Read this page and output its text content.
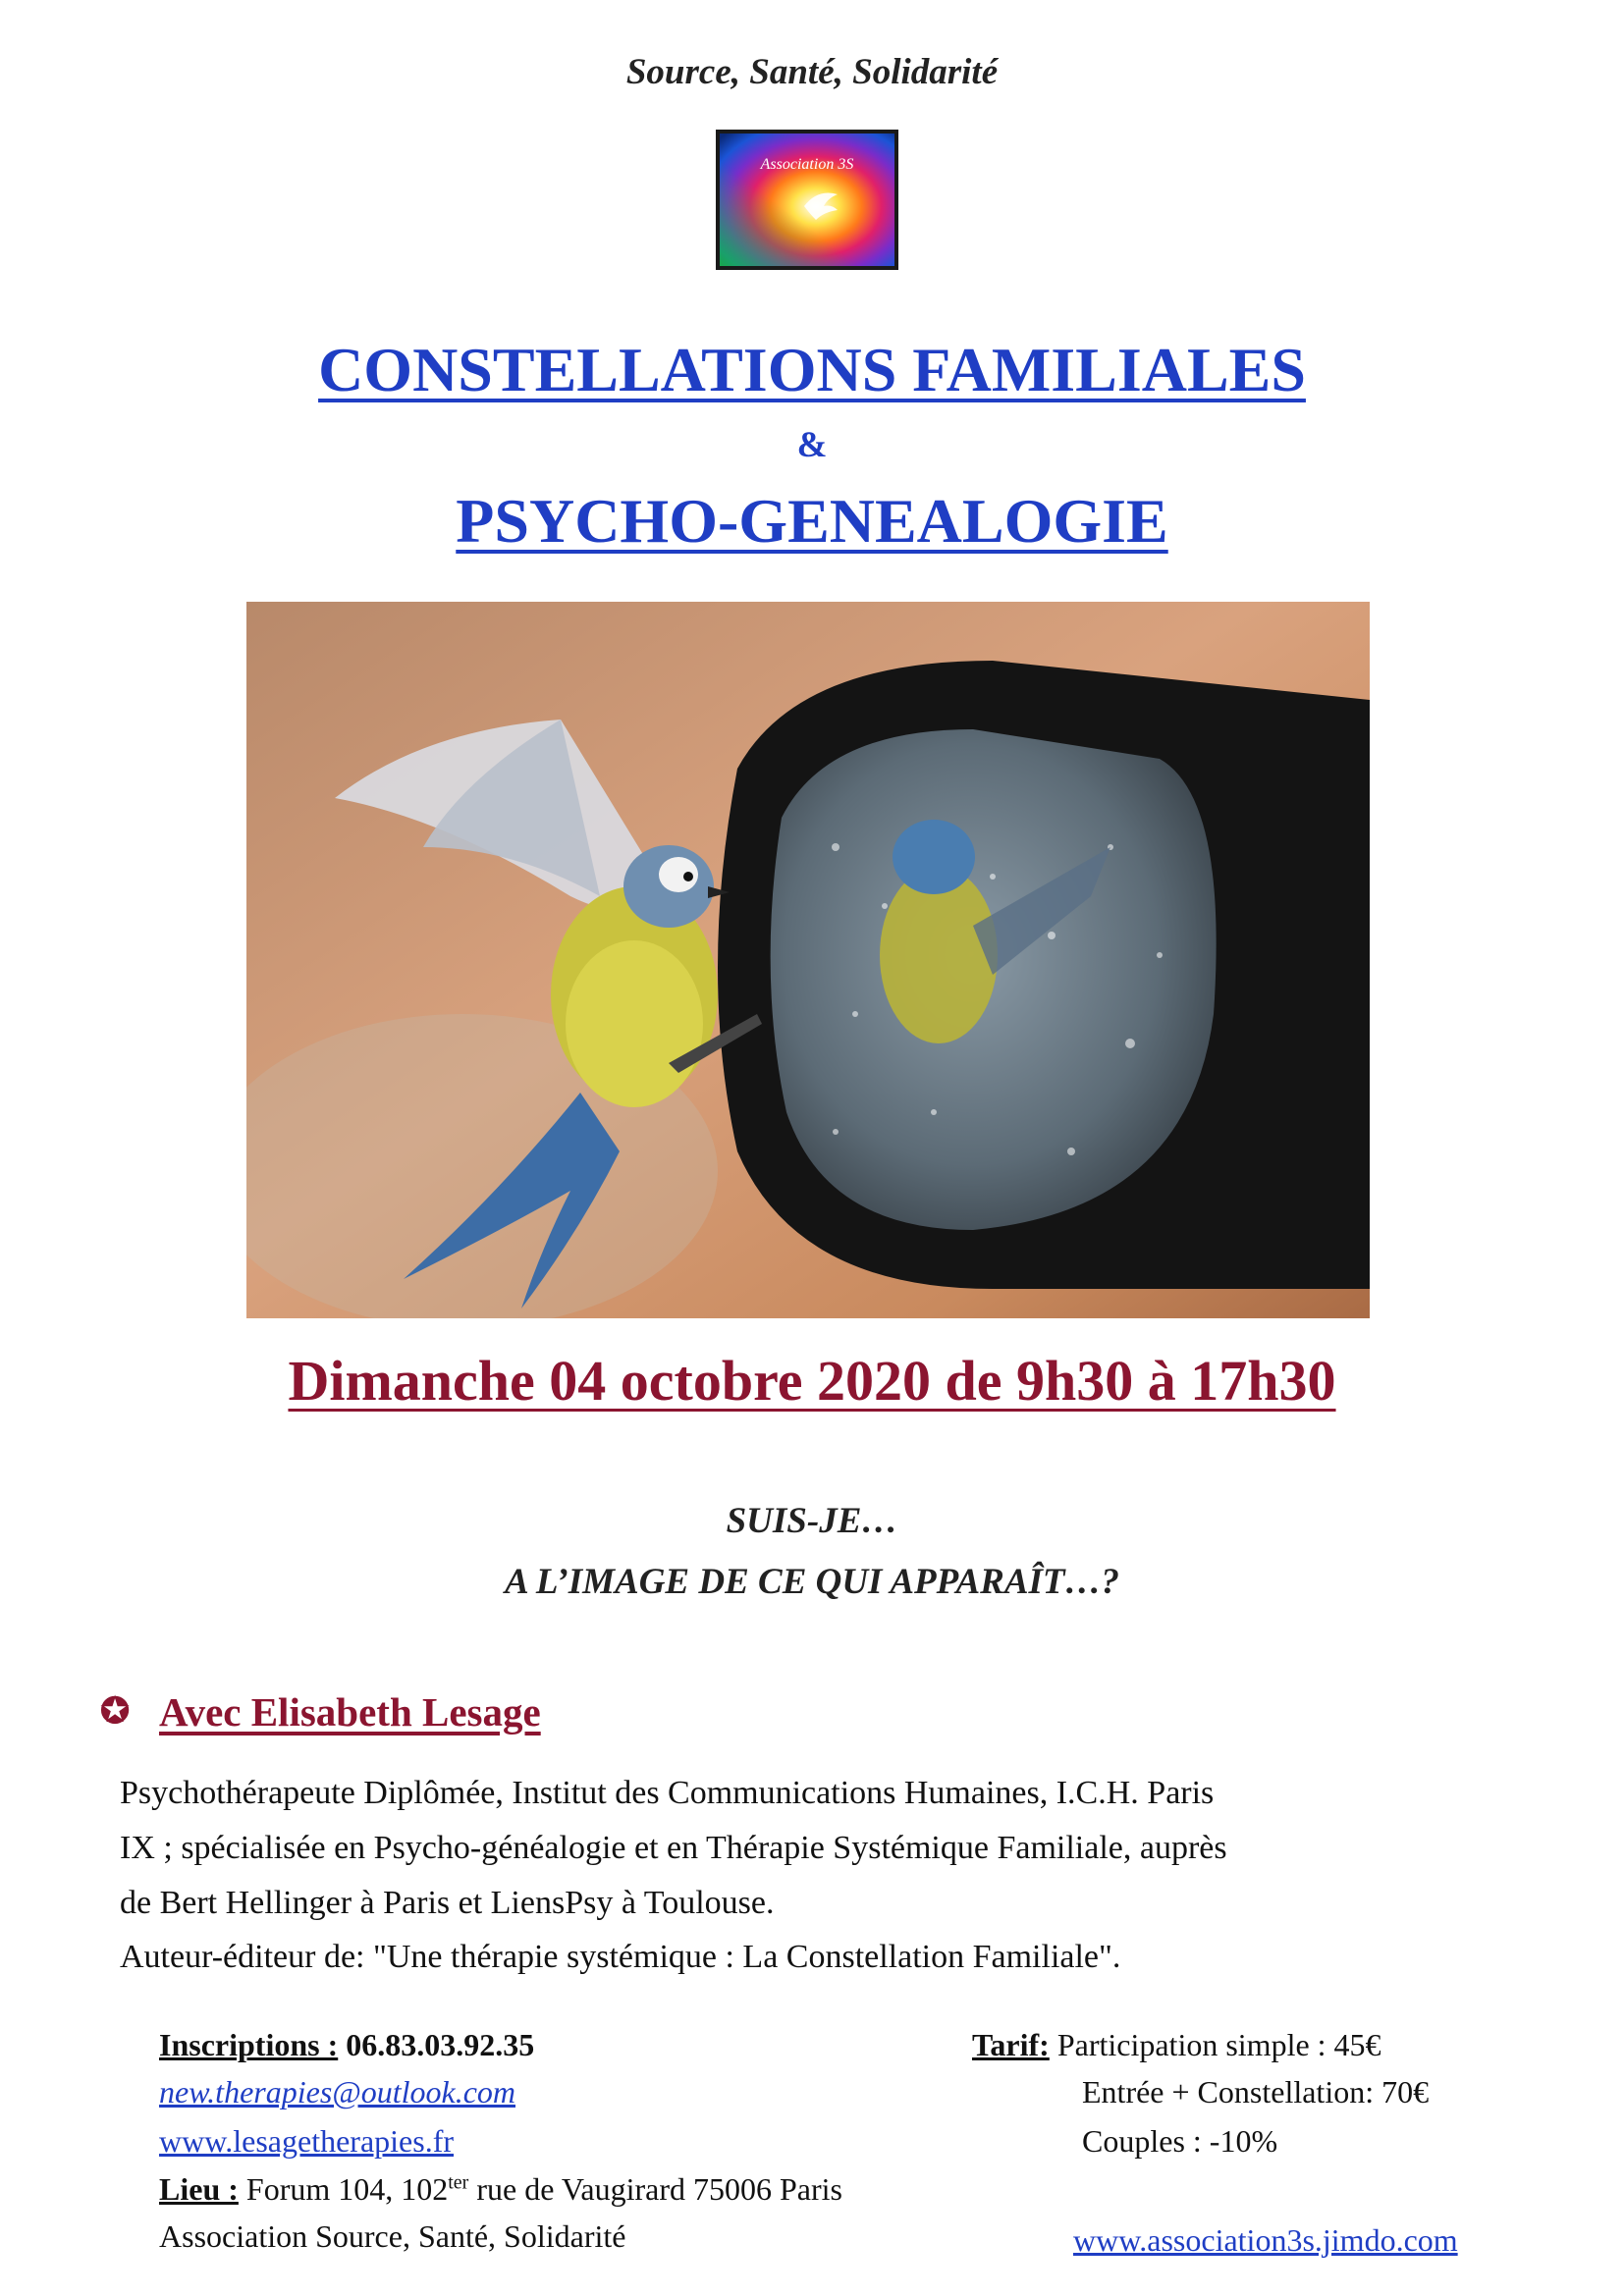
Source, Santé, Solidarité
Association 3S
CONSTELLATIONS FAMILIALES
&
PSYCHO-GENEALOGIE
Dimanche 04 octobre 2020 de 9h30 à 17h30
SUIS-JE…
A L’IMAGE DE CE QUI APPARAÎT…?
✪ Avec Elisabeth Lesage
Psychothérapeute Diplômée, Institut des Communications Humaines, I.C.H. Paris
IX ; spécialisée en Psycho-généalogie et en Thérapie Systémique Familiale, auprès
de Bert Hellinger à Paris et LiensPsy à Toulouse.
Auteur-éditeur de: "Une thérapie systémique : La Constellation Familiale".
Inscriptions : 06.83.03.92.35
new.therapies@outlook.com
www.lesagetherapies.fr
Lieu : Forum 104, $102^{ter}$ rue de Vaugirard 75006 Paris
Association Source, Santé, Solidarité
Tarif: Participation simple : 45€
Entrée + Constellation: 70€
Couples : -10%
www.association3s.jimdo.com
